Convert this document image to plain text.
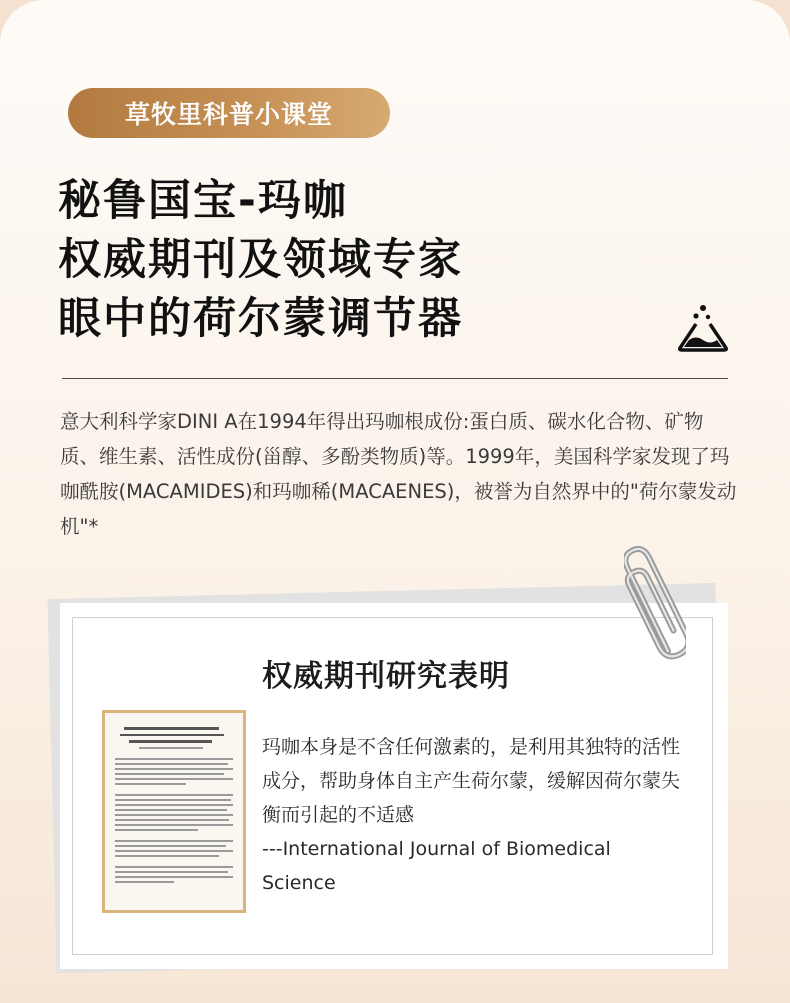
草牧里科普小课堂
秘鲁国宝-玛咖
权威期刊及领域专家
眼中的荷尔蒙调节器
意大利科学家DINI A在1994年得出玛咖根成份:蛋白质、碳水化合物、矿物质、维生素、活性成份(甾醇、多酚类物质)等。1999年，美国科学家发现了玛咖酰胺(MACAMIDES)和玛咖稀(MACAENES)，被誉为自然界中的"荷尔蒙发动机"*
权威期刊研究表明

玛咖本身是不含任何激素的，是利用其独特的活性成分，帮助身体自主产生荷尔蒙，缓解因荷尔蒙失衡而引起的不适感

---International Journal of Biomedical Science
